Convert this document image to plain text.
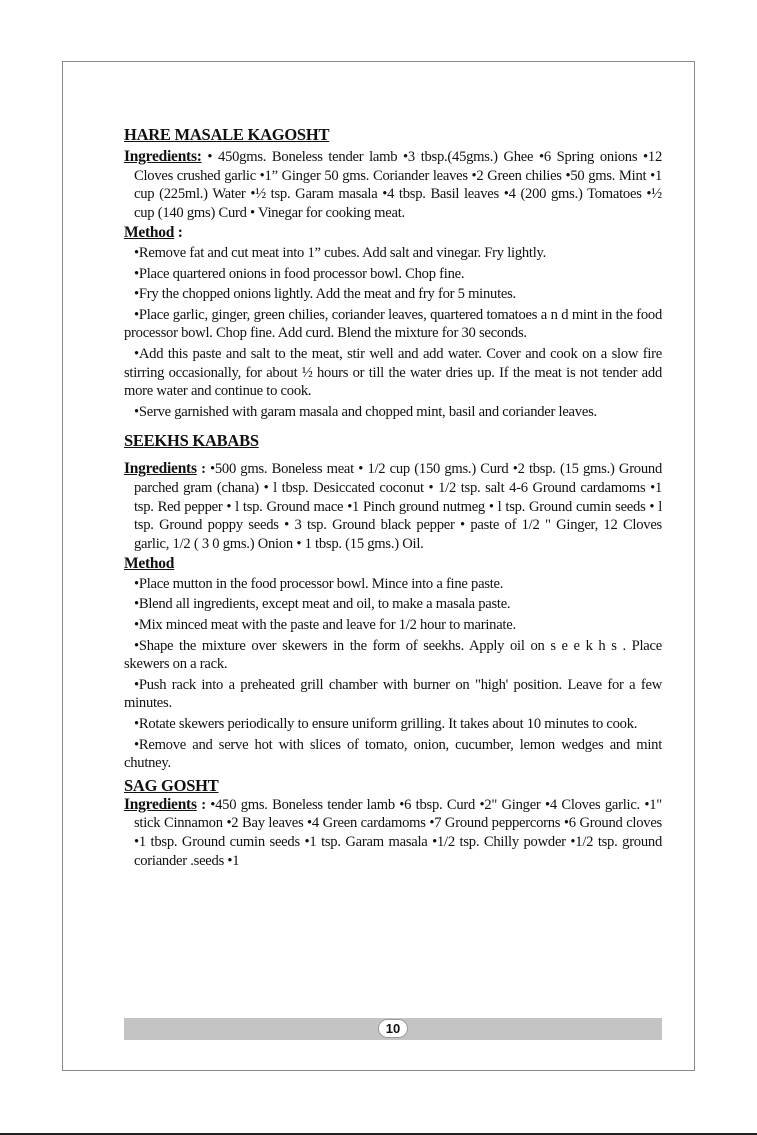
HARE MASALE KAGOSHT

Ingredients: • 450gms. Boneless tender lamb •3 tbsp.(45gms.) Ghee •6 Spring onions •12 Cloves crushed garlic •1” Ginger 50 gms. Coriander leaves •2 Green chilies •50 gms. Mint •1 cup (225ml.) Water •½ tsp. Garam masala •4 tbsp. Basil leaves •4 (200 gms.) Tomatoes •½ cup (140 gms) Curd • Vinegar for cooking meat.

Method :

•Remove fat and cut meat into 1” cubes. Add salt and vinegar. Fry lightly.

•Place quartered onions in food processor bowl. Chop fine.

•Fry the chopped onions lightly. Add the meat and fry for 5 minutes.

•Place garlic, ginger, green chilies, coriander leaves, quartered tomatoes a n d mint in the food processor bowl. Chop fine. Add curd. Blend the mixture for 30 seconds.

•Add this paste and salt to the meat, stir well and add water. Cover and cook on a slow fire stirring occasionally, for about ½ hours or till the water dries up. If the meat is not tender add more water and continue to cook.

•Serve garnished with garam masala and chopped mint, basil and coriander leaves.

SEEKHS KABABS

Ingredients : •500 gms. Boneless meat • 1/2 cup (150 gms.) Curd •2 tbsp. (15 gms.) Ground parched gram (chana) • l tbsp. Desiccated coconut • 1/2 tsp. salt 4-6 Ground cardamoms •1 tsp. Red pepper • l tsp. Ground mace •1 Pinch ground nutmeg • l tsp. Ground cumin seeds • l tsp. Ground poppy seeds • 3 tsp. Ground black pepper • paste of 1/2 " Ginger, 12 Cloves garlic, 1/2 ( 3 0 gms.) Onion • 1 tbsp. (15 gms.) Oil.

Method

•Place mutton in the food processor bowl. Mince into a fine paste.

•Blend all ingredients, except meat and oil, to make a masala paste.

•Mix minced meat with the paste and leave for 1/2 hour to marinate.

•Shape the mixture over skewers in the form of seekhs. Apply oil on s e e k h s . Place skewers on a rack.

•Push rack into a preheated grill chamber with burner on "high' position. Leave for a few minutes.

•Rotate skewers periodically to ensure uniform grilling. It takes about 10 minutes to cook.

•Remove and serve hot with slices of tomato, onion, cucumber, lemon wedges and mint chutney.

SAG GOSHT

Ingredients : •450 gms. Boneless tender lamb •6 tbsp. Curd •2" Ginger •4 Cloves garlic. •1" stick Cinnamon •2 Bay leaves •4 Green cardamoms •7 Ground peppercorns •6 Ground cloves •1 tbsp. Ground cumin seeds •1 tsp. Garam masala •1/2 tsp. Chilly powder •1/2 tsp. ground coriander .seeds •1

10
